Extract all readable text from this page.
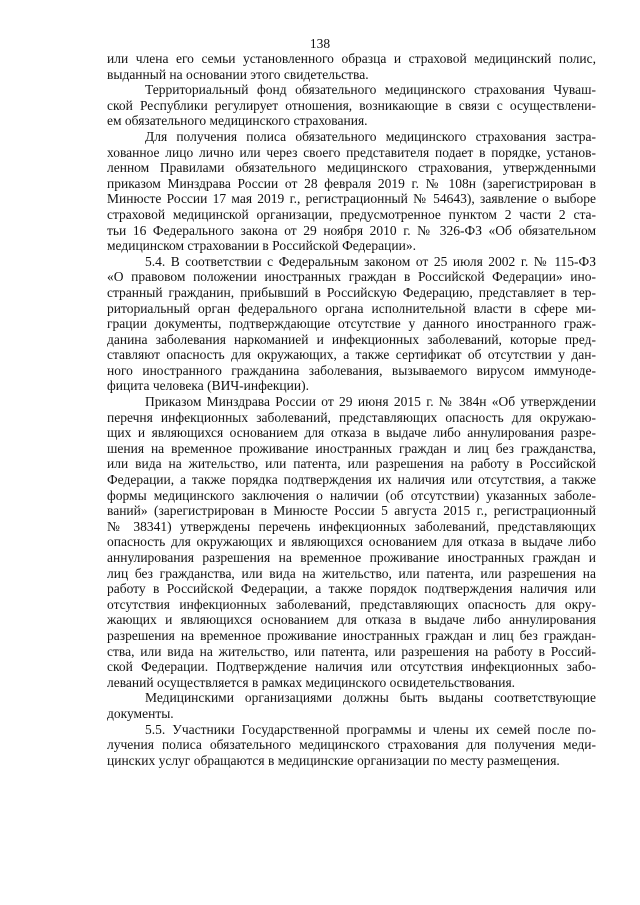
138
или члена его семьи установленного образца и страховой медицинский полис,
выданный на основании этого свидетельства.
Территориальный фонд обязательного медицинского страхования Чуваш-
ской Республики регулирует отношения, возникающие в связи с осуществлени-
ем обязательного медицинского страхования.
Для получения полиса обязательного медицинского страхования застра-
хованное лицо лично или через своего представителя подает в порядке, установ-
ленном Правилами обязательного медицинского страхования, утвержденными
приказом Минздрава России от 28 февраля 2019 г. № 108н (зарегистрирован в
Минюсте России 17 мая 2019 г., регистрационный № 54643), заявление о выборе
страховой медицинской организации, предусмотренное пунктом 2 части 2 ста-
тьи 16 Федерального закона от 29 ноября 2010 г. № 326-ФЗ «Об обязательном
медицинском страховании в Российской Федерации».
5.4. В соответствии с Федеральным законом от 25 июля 2002 г. № 115-ФЗ
«О правовом положении иностранных граждан в Российской Федерации» ино-
странный гражданин, прибывший в Российскую Федерацию, представляет в тер-
риториальный орган федерального органа исполнительной власти в сфере ми-
грации документы, подтверждающие отсутствие у данного иностранного граж-
данина заболевания наркоманией и инфекционных заболеваний, которые пред-
ставляют опасность для окружающих, а также сертификат об отсутствии у дан-
ного иностранного гражданина заболевания, вызываемого вирусом иммуноде-
фицита человека (ВИЧ-инфекции).
Приказом Минздрава России от 29 июня 2015 г. № 384н «Об утверждении
перечня инфекционных заболеваний, представляющих опасность для окружаю-
щих и являющихся основанием для отказа в выдаче либо аннулирования разре-
шения на временное проживание иностранных граждан и лиц без гражданства,
или вида на жительство, или патента, или разрешения на работу в Российской
Федерации, а также порядка подтверждения их наличия или отсутствия, а также
формы медицинского заключения о наличии (об отсутствии) указанных заболе-
ваний» (зарегистрирован в Минюсте России 5 августа 2015 г., регистрационный
№ 38341) утверждены перечень инфекционных заболеваний, представляющих
опасность для окружающих и являющихся основанием для отказа в выдаче либо
аннулирования разрешения на временное проживание иностранных граждан и
лиц без гражданства, или вида на жительство, или патента, или разрешения на
работу в Российской Федерации, а также порядок подтверждения наличия или
отсутствия инфекционных заболеваний, представляющих опасность для окру-
жающих и являющихся основанием для отказа в выдаче либо аннулирования
разрешения на временное проживание иностранных граждан и лиц без граждан-
ства, или вида на жительство, или патента, или разрешения на работу в Россий-
ской Федерации. Подтверждение наличия или отсутствия инфекционных забо-
леваний осуществляется в рамках медицинского освидетельствования.
Медицинскими организациями должны быть выданы соответствующие
документы.
5.5. Участники Государственной программы и члены их семей после по-
лучения полиса обязательного медицинского страхования для получения меди-
цинских услуг обращаются в медицинские организации по месту размещения.
